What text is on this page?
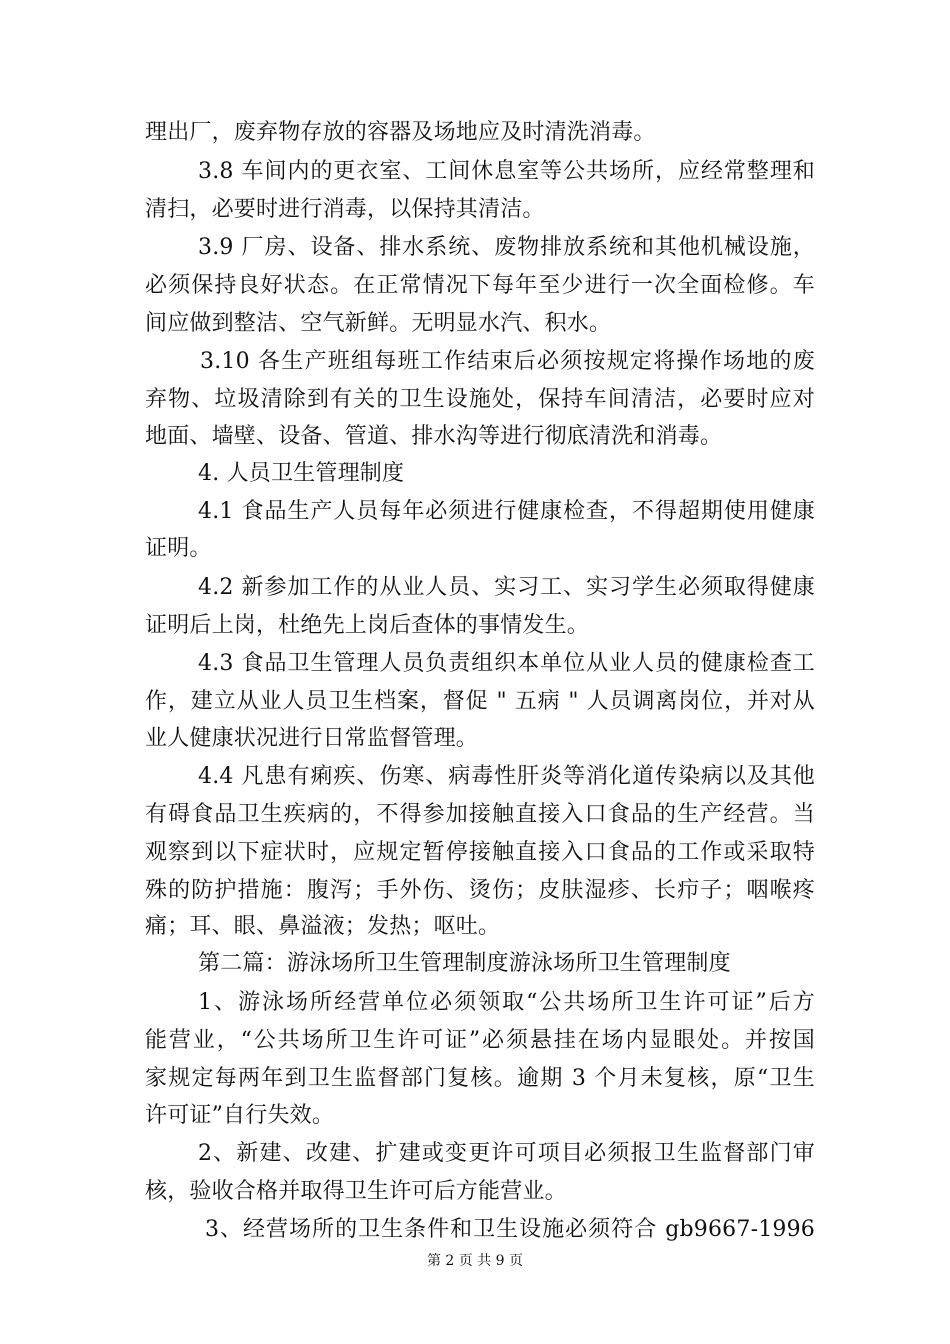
理出厂，废弃物存放的容器及场地应及时清洗消毒。
3.8 车间内的更衣室、工间休息室等公共场所，应经常整理和
清扫，必要时进行消毒，以保持其清洁。
3.9 厂房、设备、排水系统、废物排放系统和其他机械设施，
必须保持良好状态。在正常情况下每年至少进行一次全面检修。车
间应做到整洁、空气新鲜。无明显水汽、积水。
3.10 各生产班组每班工作结束后必须按规定将操作场地的废
弃物、垃圾清除到有关的卫生设施处，保持车间清洁，必要时应对
地面、墙壁、设备、管道、排水沟等进行彻底清洗和消毒。
4. 人员卫生管理制度
4.1 食品生产人员每年必须进行健康检查，不得超期使用健康
证明。
4.2 新参加工作的从业人员、实习工、实习学生必须取得健康
证明后上岗，杜绝先上岗后查体的事情发生。
4.3 食品卫生管理人员负责组织本单位从业人员的健康检查工
作，建立从业人员卫生档案，督促 " 五病 " 人员调离岗位，并对从
业人健康状况进行日常监督管理。
4.4 凡患有痢疾、伤寒、病毒性肝炎等消化道传染病以及其他
有碍食品卫生疾病的，不得参加接触直接入口食品的生产经营。当
观察到以下症状时，应规定暂停接触直接入口食品的工作或采取特
殊的防护措施：腹泻；手外伤、烫伤；皮肤湿疹、长疖子；咽喉疼
痛；耳、眼、鼻溢液；发热；呕吐。
第二篇：游泳场所卫生管理制度游泳场所卫生管理制度
1、游泳场所经营单位必须领取“公共场所卫生许可证”后方
能营业，“公共场所卫生许可证”必须悬挂在场内显眼处。并按国
家规定每两年到卫生监督部门复核。逾期 3 个月未复核，原“卫生
许可证”自行失效。
2、新建、改建、扩建或变更许可项目必须报卫生监督部门审
核，验收合格并取得卫生许可后方能营业。
3、经营场所的卫生条件和卫生设施必须符合 gb9667-1996
第 2 页 共 9 页
